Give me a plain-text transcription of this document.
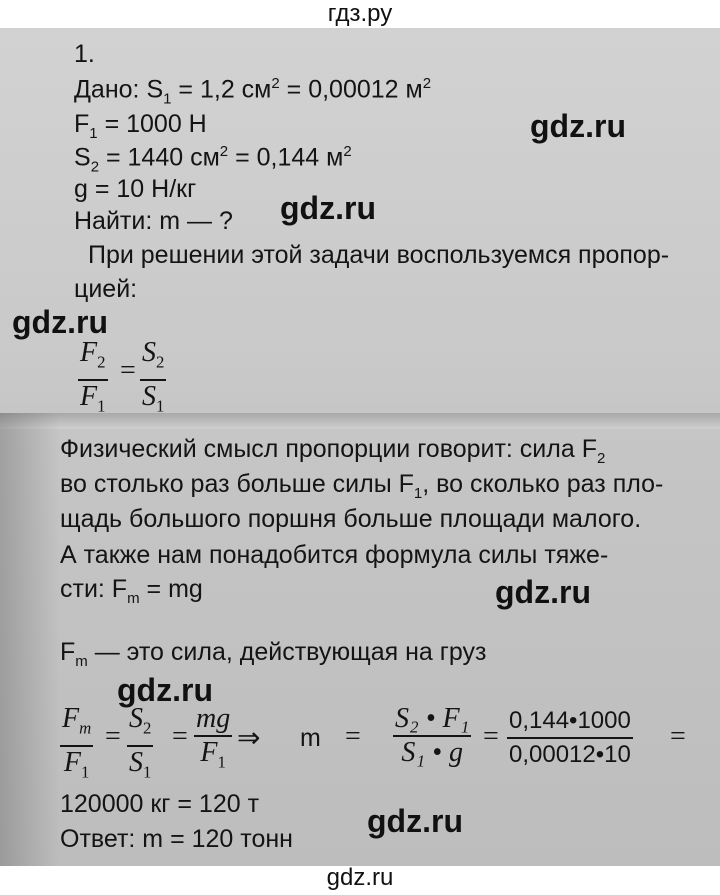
гдз.ру
1.
Дано: $S_1 = 1,2$ $см^2 = 0,00012$ $м^2$
gdz.ru
$F_1 = 1000$ Н
$S_2 = 1440$ $см^2 = 0,144$ $м^2$
g = 10 Н/кг
gdz.ru
Найти: m — ?
При решении этой задачи воспользуемся пропор-
цией:
gdz.ru
$F_2$
$F_1$
=
$S_2$
$S_1$
Физический смысл пропорции говорит: сила $F_2$
во столько раз больше силы $F_1$, во сколько раз пло-
щадь большого поршня больше площади малого.
А также нам понадобится формула силы тяже-
сти: $F_m$ = mg	gdz.ru
$F_m$ — это сила, действующая на груз
gdz.ru
$F_m$
$F_1$
=
$S_2$
$S_1$
=
mg
$F_1$
⇒ m =
S₂ • F₁
S₁ • g
=
0,144•1000
0,00012•10
=
120000 кг = 120 т	gdz.ru
Ответ: m = 120 тонн
gdz.ru
